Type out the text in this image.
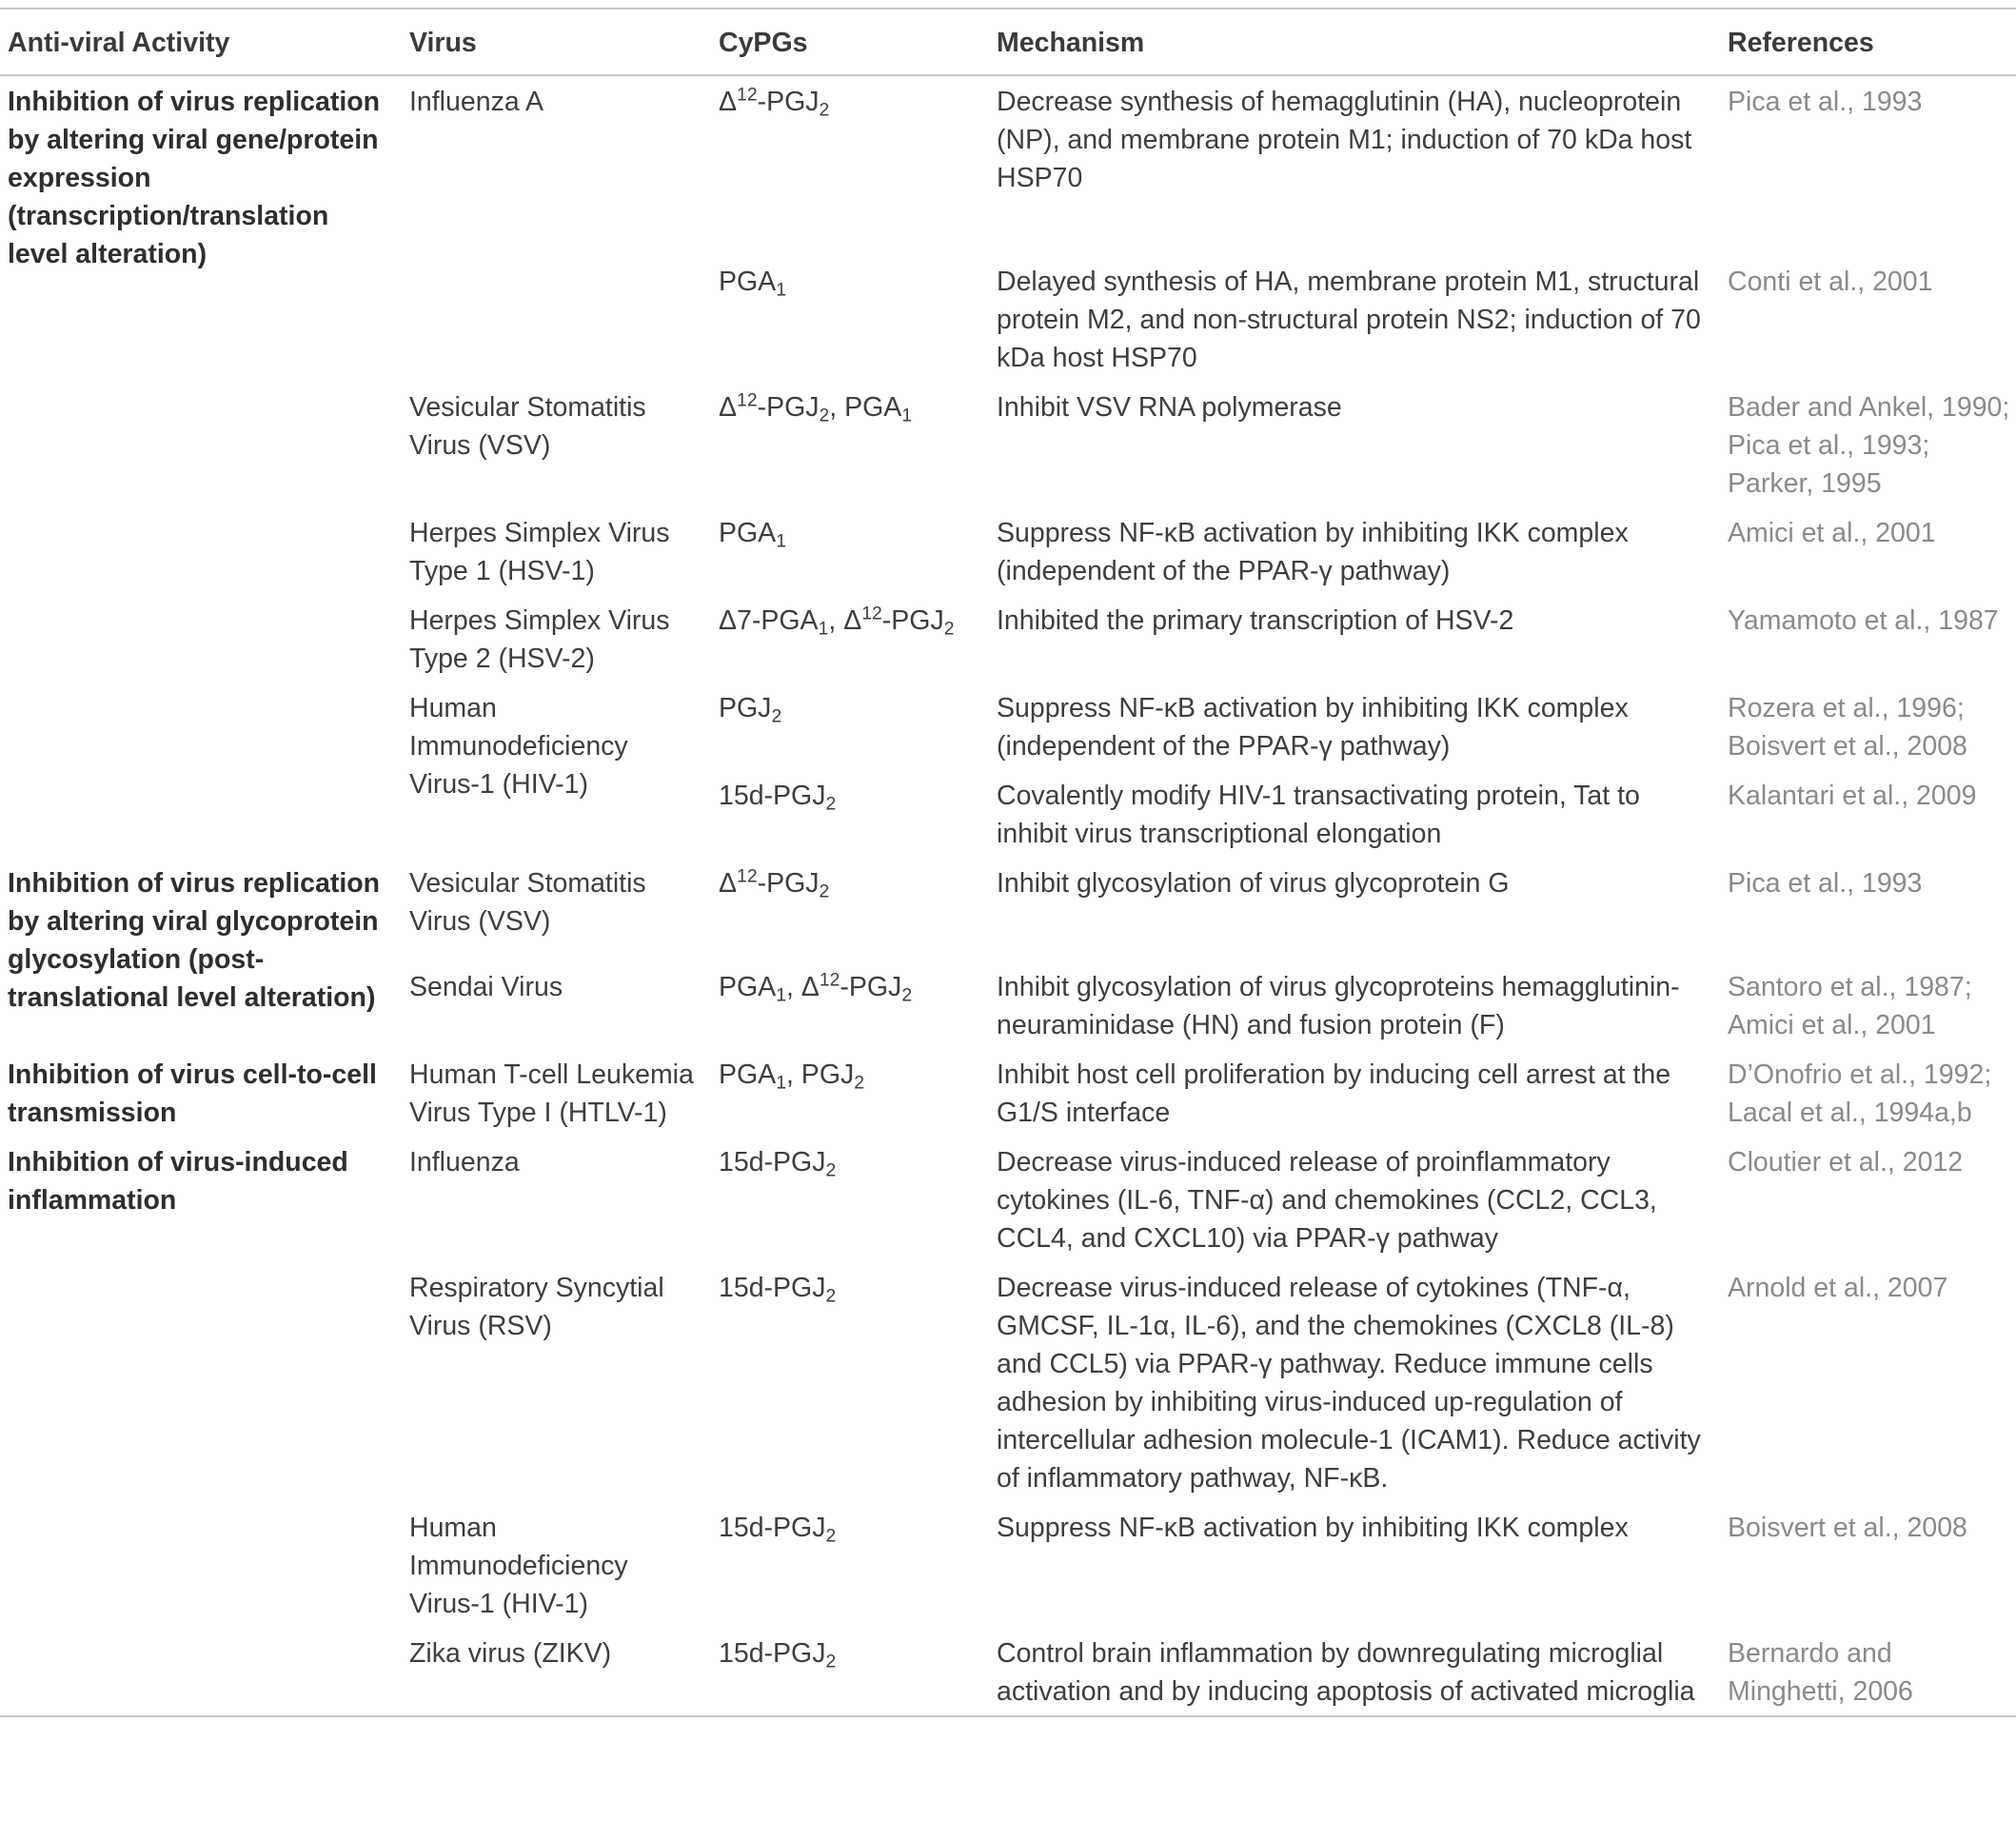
Anti-viral Activity	Virus	CyPGs	Mechanism	References
Inhibition of virus replication by altering viral gene/protein expression (transcription/translation level alteration)	Influenza A	$\Delta^{12}-PGJ_2$	Decrease synthesis of hemagglutinin (HA), nucleoprotein (NP), and membrane protein M1; induction of 70 kDa host HSP70	Pica et al., 1993

		$PGA_1$	Delayed synthesis of HA, membrane protein M1, structural protein M2, and non-structural protein NS2; induction of 70 kDa host HSP70	Conti et al., 2001

	Vesicular Stomatitis Virus (VSV)	$\Delta^{12}-PGJ_2$, $PGA_1$	Inhibit VSV RNA polymerase	Bader and Ankel, 1990;
Pica et al., 1993;
Parker, 1995

	Herpes Simplex Virus Type 1 (HSV-1)	$PGA_1$	Suppress NF-κB activation by inhibiting IKK complex (independent of the PPAR-γ pathway)	Amici et al., 2001

	Herpes Simplex Virus Type 2 (HSV-2)	$\Delta 7-PGA_1$, $\Delta^{12}-PGJ_2$	Inhibited the primary transcription of HSV-2	Yamamoto et al., 1987

	Human Immunodeficiency Virus-1 (HIV-1)	$PGJ_2$	Suppress NF-κB activation by inhibiting IKK complex (independent of the PPAR-γ pathway)	Rozera et al., 1996;
Boisvert et al., 2008

		$15d-PGJ_2$	Covalently modify HIV-1 transactivating protein, Tat to inhibit virus transcriptional elongation	Kalantari et al., 2009

Inhibition of virus replication by altering viral glycoprotein glycosylation (post-translational level alteration)	Vesicular Stomatitis Virus (VSV)	$\Delta^{12}-PGJ_2$	Inhibit glycosylation of virus glycoprotein G	Pica et al., 1993

	Sendai Virus	$PGA_1$, $\Delta^{12}-PGJ_2$	Inhibit glycosylation of virus glycoproteins hemagglutinin-neuraminidase (HN) and fusion protein (F)	Santoro et al., 1987;
Amici et al., 2001

Inhibition of virus cell-to-cell transmission	Human T-cell Leukemia Virus Type I (HTLV-1)	$PGA_1$, $PGJ_2$	Inhibit host cell proliferation by inducing cell arrest at the G1/S interface	D’Onofrio et al., 1992;
Lacal et al., 1994a,b

Inhibition of virus-induced inflammation	Influenza	$15d-PGJ_2$	Decrease virus-induced release of proinflammatory cytokines (IL-6, TNF-α) and chemokines (CCL2, CCL3, CCL4, and CXCL10) via PPAR-γ pathway	Cloutier et al., 2012

	Respiratory Syncytial Virus (RSV)	$15d-PGJ_2$	Decrease virus-induced release of cytokines (TNF-α, GMCSF, IL-1α, IL-6), and the chemokines (CXCL8 (IL-8) and CCL5) via PPAR-γ pathway. Reduce immune cells adhesion by inhibiting virus-induced up-regulation of intercellular adhesion molecule-1 (ICAM1). Reduce activity of inflammatory pathway, NF-κB.	Arnold et al., 2007

	Human Immunodeficiency Virus-1 (HIV-1)	$15d-PGJ_2$	Suppress NF-κB activation by inhibiting IKK complex	Boisvert et al., 2008

	Zika virus (ZIKV)	$15d-PGJ_2$	Control brain inflammation by downregulating microglial activation and by inducing apoptosis of activated microglia	Bernardo and
Minghetti, 2006
